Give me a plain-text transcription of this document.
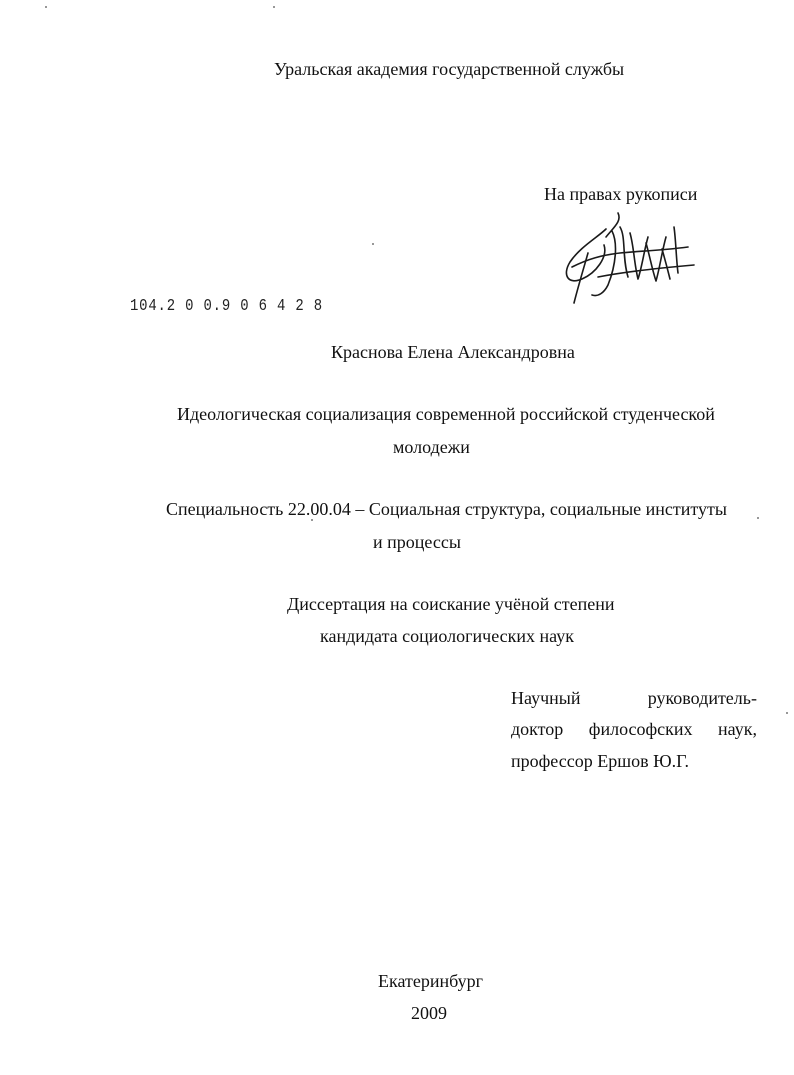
Уральская академия государственной службы
На правах рукописи
104.2 0 0.9 0 6 4 2 8
Краснова Елена Александровна
Идеологическая социализация современной российской студенческой
молодежи
Специальность 22.00.04 – Социальная структура, социальные институты
и процессы
Диссертация на соискание учёной степени
кандидата социологических наук
Научный	руководитель-
доктор философских наук,
профессор Ершов Ю.Г.
Екатеринбург
2009
